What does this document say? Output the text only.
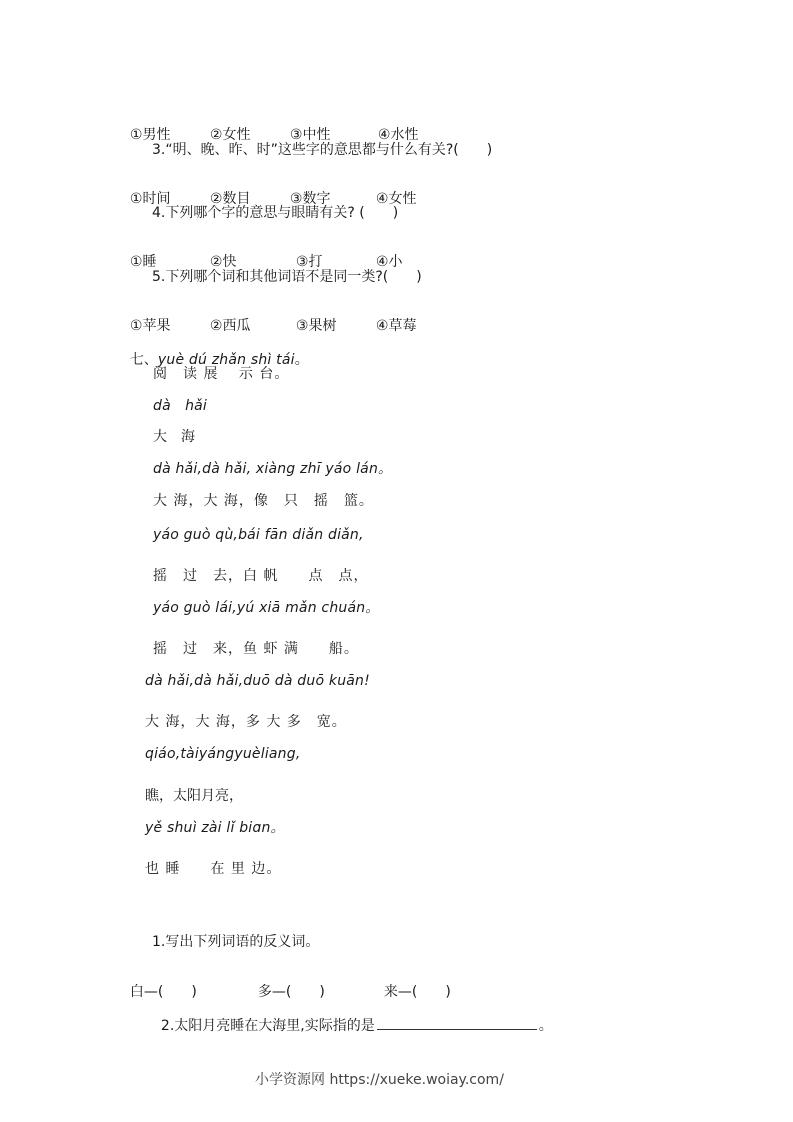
①男性	②女性	③中性	④水性

3.“明、晚、昨、时”这些字的意思都与什么有关?(　　)

①时间	②数目	③数字	④女性

4.下列哪个字的意思与眼睛有关? (　　)

①睡	②快	③打	④小

5.下列哪个词和其他词语不是同一类?(　　)

①苹果	②西瓜	③果树	④草莓

七、yuè dú zhǎn shì tái。

阅　读 展　 示 台。
dà　hǎi
大　海
dà hǎi,dà hǎi, xiàng zhī yáo lán。
大 海，大 海，像　只　摇　篮。
yáo guò qù,bái fān diǎn diǎn,
摇　过　去，白 帆　　点　点，
yáo guò lái,yú xiā mǎn chuán。
摇　过　来，鱼 虾 满　　船。
dà hǎi,dà hǎi,duō dà duō kuān!
大 海，大 海，多 大 多　宽。
qiáo,tàiyángyuèliang,
瞧，太阳月亮，
yě shuì zài lǐ biɑn。
也 睡　　在 里 边。
1.写出下列词语的反义词。

白—(　　)	多—(　　)	来—(　　)

2.太阳月亮睡在大海里,实际指的是	。

小学资源网 https://xueke.woiay.com/
